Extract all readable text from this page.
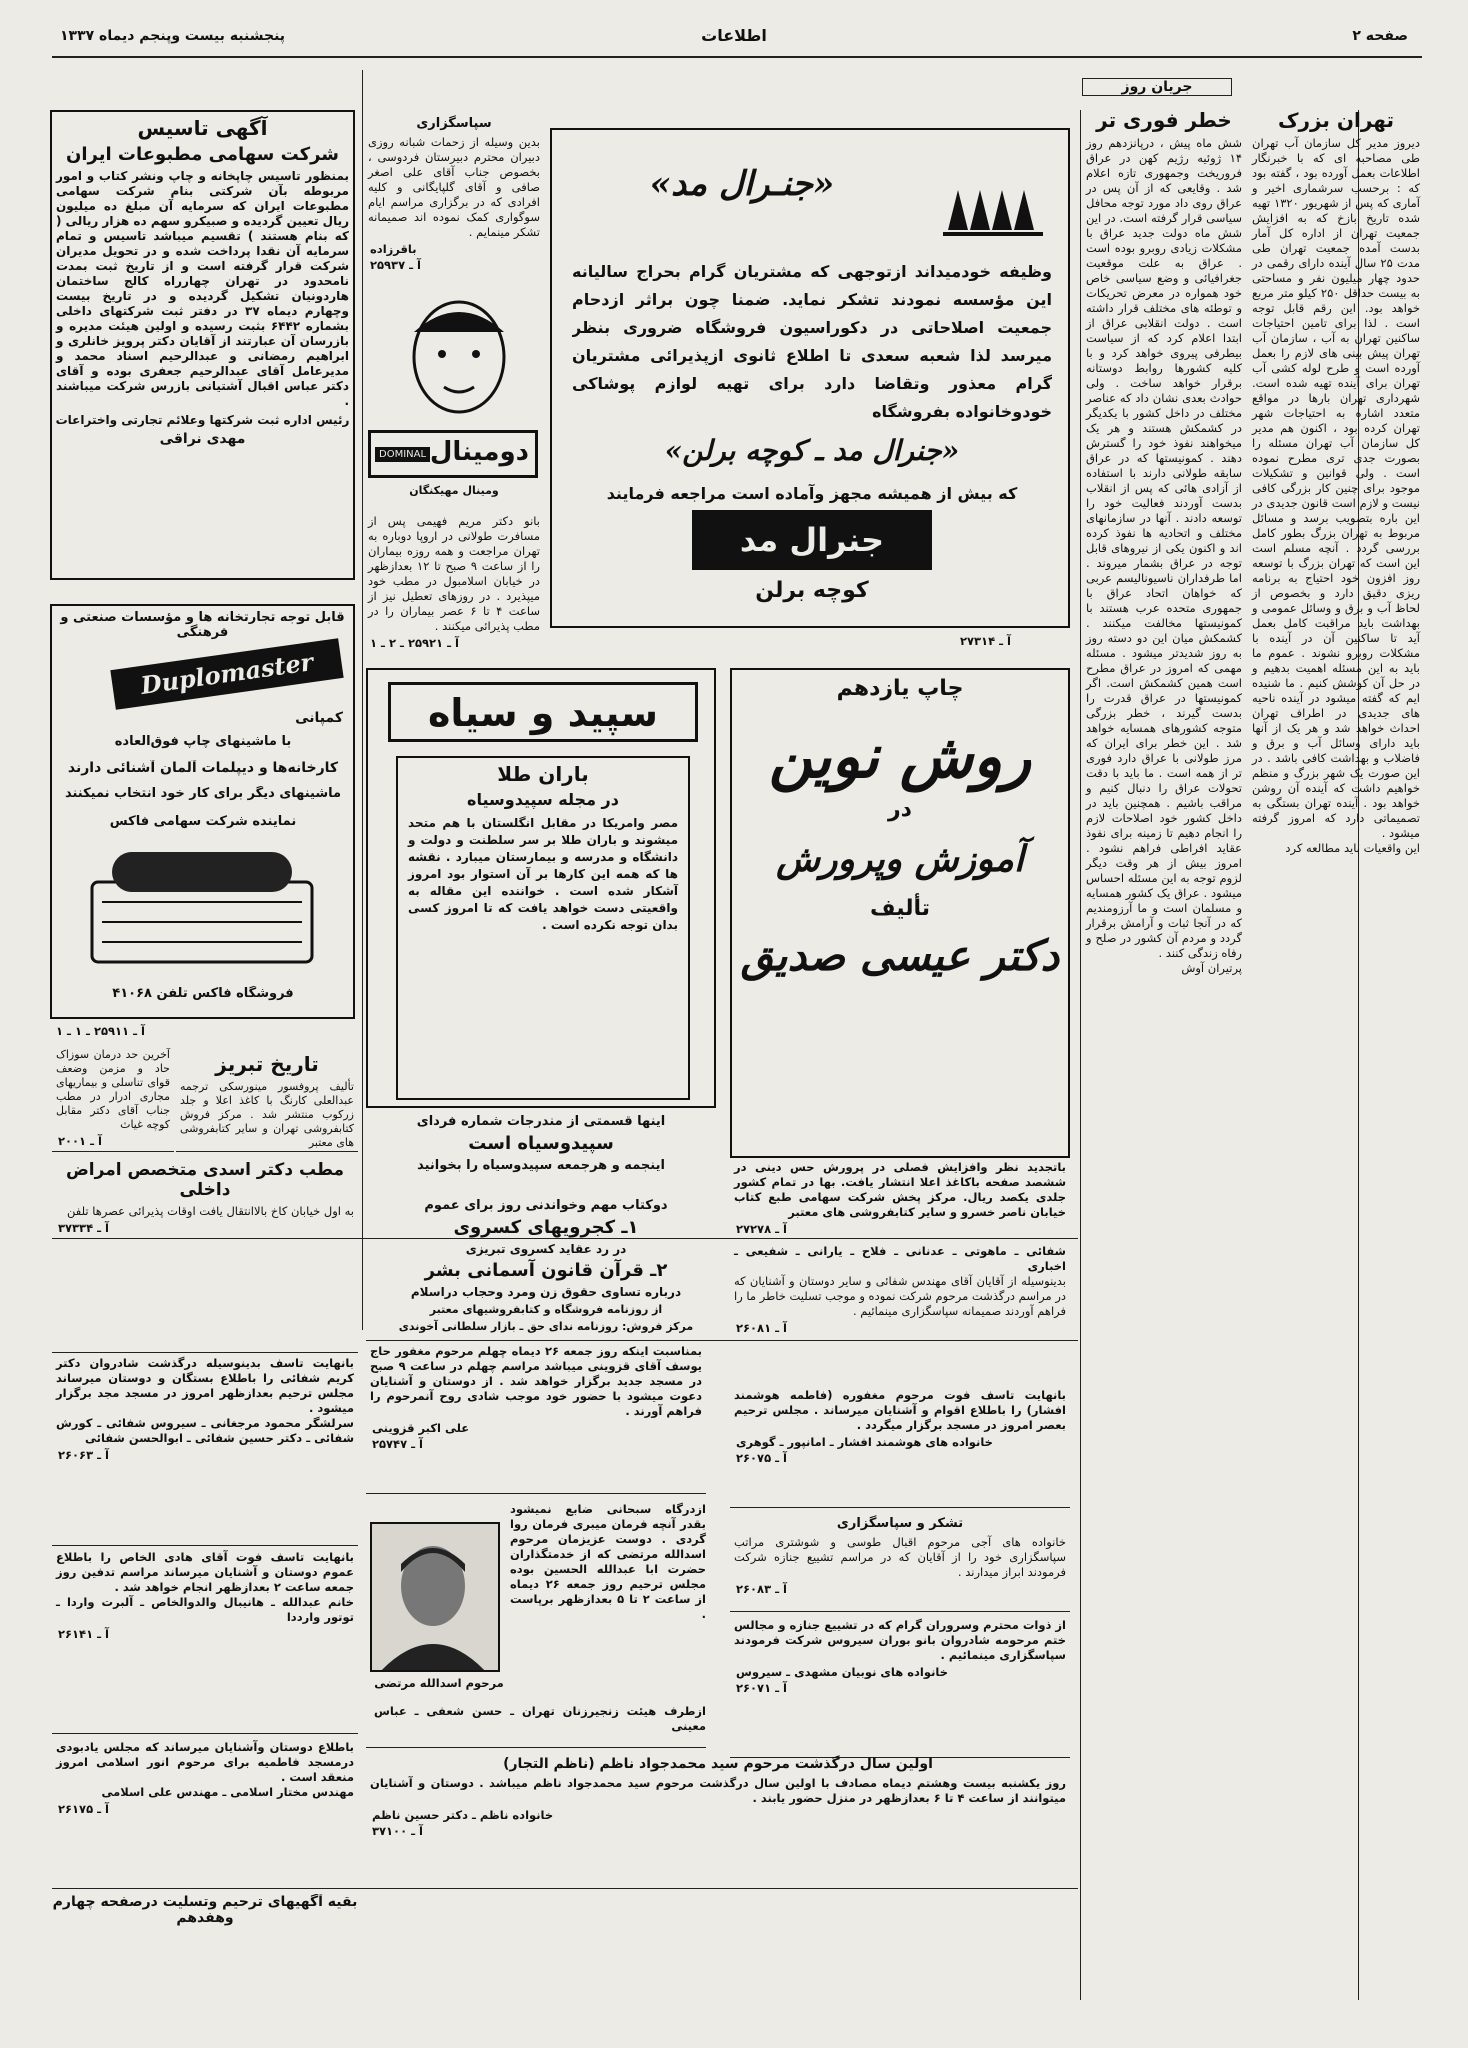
صفحه ۲
اطلاعات
پنجشنبه بیست وپنجم دیماه ۱۳۳۷
جریان روز
تهران بزرک
دیروز مدیر کل سازمان آب تهران طی مصاحبه ای که با خبرنگار اطلاعات بعمل آورده بود ، گفته بود که : برحسب سرشماری اخیر و آماری که پس از شهریور ۱۳۲۰ تهیه شده تاریخ بازخ که به افزایش جمعیت تهران از اداره کل آمار بدست آمده جمعیت تهران طی مدت ۲۵ سال آینده دارای رقمی در حدود چهار میلیون نفر و مساحتی به بیست حداقل ۲۵۰ کیلو متر مربع خواهد بود. این رقم قابل توجه است . لذا برای تامین احتیاجات ساکنین تهران به آب ، سازمان آب تهران پیش بینی های لازم را بعمل آورده است و طرح لوله کشی آب تهران برای آینده تهیه شده است. شهرداری تهران بارها در مواقع متعدد اشاره به احتیاجات شهر تهران کرده بود ، اکنون هم مدیر کل سازمان آب تهران مسئله را بصورت جدی تری مطرح نموده است . ولی قوانین و تشکیلات موجود برای چنین کار بزرگی کافی نیست و لازم است قانون جدیدی در این باره بتصویب برسد و مسائل مربوط به تهران بزرگ بطور کامل بررسی گردد . آنچه مسلم است این است که تهران بزرگ با توسعه روز افزون خود احتیاج به برنامه ریزی دقیق دارد و بخصوص از لحاظ آب و برق و وسائل عمومی و بهداشت باید مراقبت کامل بعمل آید تا ساکنین آن در آینده با مشکلات روبرو نشوند . عموم ما باید به این مسئله اهمیت بدهیم و در حل آن کوشش کنیم . ما شنیده ایم که گفته میشود در آینده ناحیه های جدیدی در اطراف تهران احداث خواهد شد و هر یک از آنها باید دارای وسائل آب و برق و فاضلاب و بهداشت کافی باشد . در این صورت یک شهر بزرگ و منظم خواهیم داشت که آینده آن روشن خواهد بود . آینده تهران بستگی به تصمیماتی دارد که امروز گرفته میشود .
این واقعیات باید مطالعه کرد
خطر فوری تر
شش ماه پیش ، درپانزدهم روز ۱۴ ژوئیه رژیم کهن در عراق فروریخت وجمهوری تازه اعلام شد . وقایعی که از آن پس در عراق روی داد مورد توجه محافل سیاسی قرار گرفته است. در این شش ماه دولت جدید عراق با مشکلات زیادی روبرو بوده است . عراق به علت موقعیت جغرافیائی و وضع سیاسی خاص خود همواره در معرض تحریکات و توطئه های مختلف قرار داشته است . دولت انقلابی عراق از ابتدا اعلام کرد که از سیاست بیطرفی پیروی خواهد کرد و با کلیه کشورها روابط دوستانه برقرار خواهد ساخت . ولی حوادث بعدی نشان داد که عناصر مختلف در داخل کشور با یکدیگر در کشمکش هستند و هر یک میخواهند نفوذ خود را گسترش دهند . کمونیستها که در عراق سابقه طولانی دارند با استفاده از آزادی هائی که پس از انقلاب بدست آوردند فعالیت خود را توسعه دادند . آنها در سازمانهای مختلف و اتحادیه ها نفوذ کرده اند و اکنون یکی از نیروهای قابل توجه در عراق بشمار میروند . اما طرفداران ناسیونالیسم عربی که خواهان اتحاد عراق با جمهوری متحده عرب هستند با کمونیستها مخالفت میکنند . کشمکش میان این دو دسته روز به روز شدیدتر میشود . مسئله مهمی که امروز در عراق مطرح است همین کشمکش است. اگر کمونیستها در عراق قدرت را بدست گیرند ، خطر بزرگی متوجه کشورهای همسایه خواهد شد . این خطر برای ایران که مرز طولانی با عراق دارد فوری تر از همه است . ما باید با دقت تحولات عراق را دنبال کنیم و مراقب باشیم . همچنین باید در داخل کشور خود اصلاحات لازم را انجام دهیم تا زمینه برای نفوذ عقاید افراطی فراهم نشود . امروز بیش از هر وقت دیگر لزوم توجه به این مسئله احساس میشود . عراق یک کشور همسایه و مسلمان است و ما آرزومندیم که در آنجا ثبات و آرامش برقرار گردد و مردم آن کشور در صلح و رفاه زندگی کنند .
پرتیران آوش
«جنـرال مد»
وظیفه خودمیداند ازتوجهی که مشتریان گرام بحراج سالیانه این مؤسسه نمودند تشکر نماید. ضمنا چون براثر ازدحام جمعیت اصلاحاتی در دکوراسیون فروشگاه ضروری بنظر میرسد لذا شعبه سعدی تا اطلاع ثانوی ازپذیرائی مشتریان گرام معذور وتقاضا دارد برای تهیه لوازم پوشاکی خودوخانواده بفروشگاه
«جنرال مد ـ کوچه برلن»
که بیش از همیشه مجهز وآماده است مراجعه فرمایند
جنرال مد
کوچه برلن
آ ـ ۲۷۳۱۴
چاپ یازدهم
روش نوین
در
آموزش وپرورش
تألیف
دکتر عیسی صدیق
باتجدید نظر وافزایش فصلی در پرورش حس دینی در ششصد صفحه باکاغذ اعلا انتشار یافت. بها در تمام کشور جلدی یکصد ریال. مرکز پخش شرکت سهامی طبع کتاب خیابان ناصر خسرو و سایر کتابفروشی های معتبر
آ ـ ۲۷۲۷۸
آگهی تاسیس
شرکت سهامی مطبوعات ایران
بمنظور تاسیس چاپخانه و چاپ ونشر کتاب و امور مربوطه بآن شرکتی بنام شرکت سهامی مطبوعات ایران که سرمایه آن مبلغ ده میلیون ریال تعیین گردیده و صبیکرو سهم ده هزار ریالی ( که بنام هستند ) تقسیم میباشد تاسیس و تمام سرمایه آن نقدا پرداخت شده و در تحویل مدیران شرکت قرار گرفته است و از تاریخ ثبت بمدت نامحدود در تهران چهارراه کالج ساختمان هاردونیان تشکیل گردیده و در تاریخ بیست وچهارم دیماه ۳۷ در دفتر ثبت شرکتهای داخلی بشماره ۶۴۴۲ بثبت رسیده و اولین هیئت مدیره و بازرسان آن عبارتند از آقایان دکتر پرویز خانلری و ابراهیم رمضانی و عبدالرحیم اسناد محمد و مدیرعامل آقای عبدالرحیم جعفری بوده و آقای دکتر عباس اقبال آشتیانی بازرس شرکت میباشند .
رئیس اداره ثبت شرکتها وعلائم تجارتی واختراعات
مهدی نراقی
سپاسگزاری
بدین وسیله از زحمات شبانه روزی دبیران محترم دبیرستان فردوسی ، بخصوص جناب آقای علی اصغر صافی و آقای گلپایگانی و کلیه افرادی که در برگزاری مراسم ایام سوگواری کمک نموده اند صمیمانه تشکر مینمایم .
باقرزاده
آ ـ ۲۵۹۳۷
دومینال
DOMINAL
ومینال مهیکنگان
بانو دکتر مریم فهیمی پس از مسافرت طولانی در اروپا دوباره به تهران مراجعت و همه روزه بیماران را از ساعت ۹ صبح تا ۱۲ بعدازظهر در خیابان اسلامبول در مطب خود میپذیرد . در روزهای تعطیل نیز از ساعت ۴ تا ۶ عصر بیماران را در مطب پذیرائی میکنند .
آ ـ ۲۵۹۲۱ ـ ۲ ـ ۱
قابل توجه تجارتخانه ها و مؤسسات صنعتی و فرهنگی
Duplomaster
کمپانی
با ماشینهای چاپ فوق‌العاده
کارخانه‌ها و دیپلمات آلمان آشنائی دارند
ماشینهای دیگر برای کار خود انتخاب نمیکنند
نماینده شرکت سهامی فاکس
فروشگاه فاکس تلفن ۴۱۰۶۸
آ ـ ۲۵۹۱۱ ـ ۱ ـ ۱
سپید و سیاه
باران طلا
در مجله سپیدوسیاه
مصر وامریکا در مقابل انگلستان با هم متحد میشوند و باران طلا بر سر سلطنت و دولت و دانشگاه و مدرسه و بیمارستان میبارد . نقشه ها که همه این کارها بر آن استوار بود امروز آشکار شده است . خواننده این مقاله به واقعیتی دست خواهد یافت که تا امروز کسی بدان توجه نکرده است .
اینها قسمتی از مندرجات شماره فردای
سپیدوسیاه است
اینجمه و هرجمعه سپیدوسیاه را بخوانید
تاریخ تبریز
تألیف پروفسور مینورسکی ترجمه عبدالعلی کارنگ با کاغذ اعلا و جلد زرکوب منتشر شد . مرکز فروش کتابفروشی تهران و سایر کتابفروشی های معتبر
آخرین حد درمان سوزاک حاد و مزمن وضعف قوای تناسلی و بیماریهای مجاری ادرار در مطب جناب آقای دکتر مقابل کوچه غیاث
آ ـ ۲۰۰۱
مطب دکتر اسدی متخصص امراض داخلی
به اول خیابان کاخ بالاانتقال یافت اوقات پذیرائی عصرها تلفن
آ ـ ۳۷۳۳۴
دوکتاب مهم وخواندنی روز برای عموم
۱ـ کجرویهای کسروی
در رد عقاید کسروی تبریزی
۲ـ قرآن قانون آسمانی بشر
درباره تساوی حقوق زن ومرد وحجاب دراسلام
از روزنامه فروشگاه و کتابفروشیهای معتبر
مرکز فروش: روزنامه ندای حق ـ بازار سلطانی آخوندی
شفائی ـ ماهوتی ـ عدنانی ـ فلاح ـ یارانی ـ شفیعی ـ اخباری
بدینوسیله از آقایان آقای مهندس شفائی و سایر دوستان و آشنایان که در مراسم درگذشت مرحوم شرکت نموده و موجب تسلیت خاطر ما را فراهم آوردند صمیمانه سپاسگزاری مینمائیم .
آ ـ ۲۶۰۸۱
بمناسبت اینکه روز جمعه ۲۶ دیماه چهلم مرحوم مغفور حاج یوسف آقای قزوینی میباشد مراسم چهلم در ساعت ۹ صبح در مسجد جدید برگزار خواهد شد . از دوستان و آشنایان دعوت میشود با حضور خود موجب شادی روح آنمرحوم را فراهم آورند .
علی اکبر قزوینی
آ ـ ۲۵۷۴۷
بانهایت تاسف فوت مرحوم مغفوره (فاطمه هوشمند افشار) را باطلاع اقوام و آشنایان میرساند . مجلس ترحیم بعصر امروز در مسجد برگزار میگردد .
خانواده های هوشمند افشار ـ امانپور ـ گوهری
آ ـ ۲۶۰۷۵
بانهایت تاسف بدینوسیله درگذشت شادروان دکتر کریم شفائی را باطلاع بستگان و دوستان میرساند مجلس ترحیم بعدازظهر امروز در مسجد مجد برگزار میشود .
سرلشگر محمود مرجغانی ـ سیروس شفائی ـ کورش شفائی ـ دکتر حسین شفائی ـ ابوالحسن شفائی
آ ـ ۲۶۰۶۳
بانهایت تاسف فوت آقای هادی الخاص را باطلاع عموم دوستان و آشنایان میرساند مراسم تدفین روز جمعه ساعت ۲ بعدازظهر انجام خواهد شد .
خانم عبدالله ـ هانیبال والدوالخاص ـ آلبرت واردا ـ توتور وارددا
آ ـ ۲۶۱۴۱
باطلاع دوستان وآشنایان میرساند که مجلس یادبودی درمسجد فاطمیه برای مرحوم انور اسلامی امروز منعقد است .
مهندس مختار اسلامی ـ مهندس علی اسلامی
آ ـ ۲۶۱۷۵
مرحوم اسدالله مرتضی
ازدرگاه سبحانی ضابع نمیشود بقدر آنچه فرمان میبری فرمان روا گردی . دوست عزیزمان مرحوم اسدالله مرتضی که از خدمتگذاران حضرت ابا عبدالله الحسین بوده مجلس ترحیم روز جمعه ۲۶ دیماه از ساعت ۲ تا ۵ بعدازظهر برپاست .
ازطرف هیئت زنجیرزنان تهران ـ حسن شعفی ـ عباس معینی
تشکر و سپاسگزاری
خانواده های آجی مرحوم اقبال طوسی و شوشتری مراتب سپاسگزاری خود را از آقایان که در مراسم تشییع جنازه شرکت فرمودند ابراز میدارند .
آ ـ ۲۶۰۸۳
از ذوات محترم وسروران گرام که در تشییع جنازه و مجالس ختم مرحومه شادروان بانو بوران سیروس شرکت فرمودند سپاسگزاری مینمائیم .
خانواده های نوبیان مشهدی ـ سیروس
آ ـ ۲۶۰۷۱
اولین سال درگذشت مرحوم سید محمدجواد ناظم (ناظم التجار)
روز یکشنبه بیست وهشتم دیماه مصادف با اولین سال درگذشت مرحوم سید محمدجواد ناظم میباشد . دوستان و آشنایان میتوانند از ساعت ۴ تا ۶ بعدازظهر در منزل حضور یابند .
خانواده ناظم ـ دکتر حسین ناظم
آ ـ ۳۷۱۰۰
بقیه آگهیهای ترحیم وتسلیت درصفحه چهارم وهفدهم
